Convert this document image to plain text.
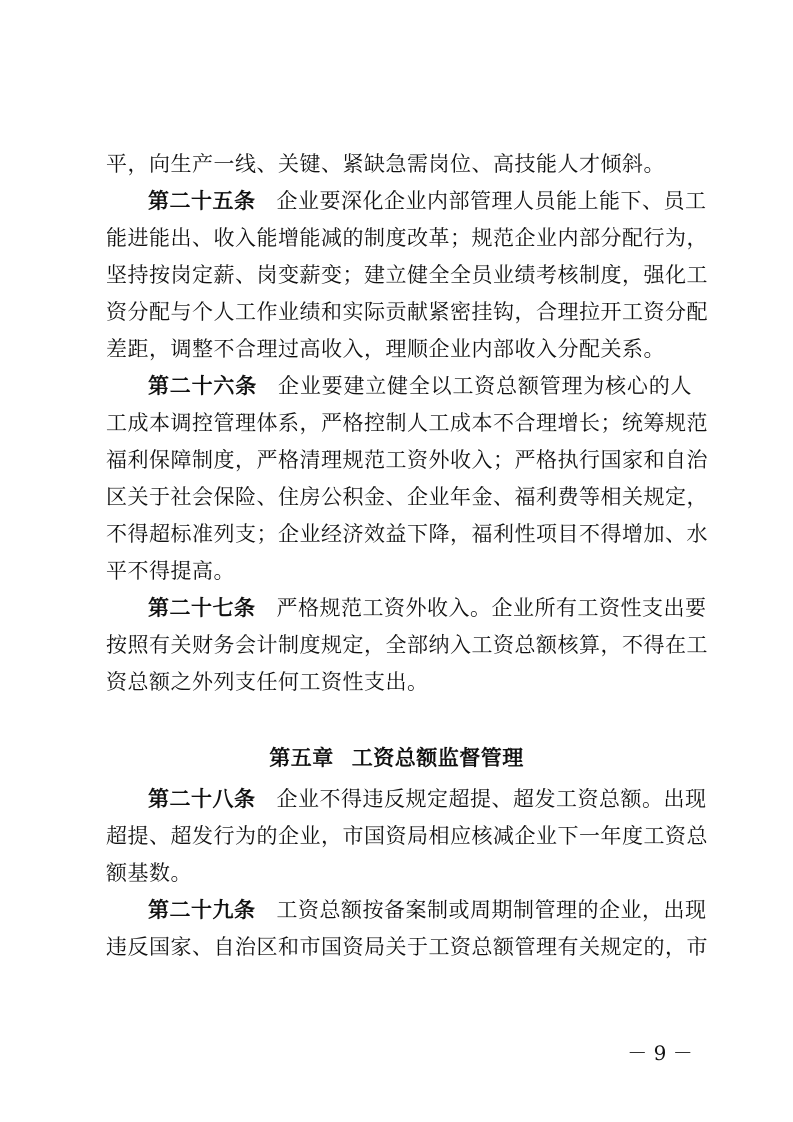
平，向生产一线、关键、紧缺急需岗位、高技能人才倾斜。
第二十五条 企业要深化企业内部管理人员能上能下、员工
能进能出、收入能增能减的制度改革；规范企业内部分配行为，
坚持按岗定薪、岗变薪变；建立健全全员业绩考核制度，强化工
资分配与个人工作业绩和实际贡献紧密挂钩，合理拉开工资分配
差距，调整不合理过高收入，理顺企业内部收入分配关系。
第二十六条 企业要建立健全以工资总额管理为核心的人
工成本调控管理体系，严格控制人工成本不合理增长；统筹规范
福利保障制度，严格清理规范工资外收入；严格执行国家和自治
区关于社会保险、住房公积金、企业年金、福利费等相关规定，
不得超标准列支；企业经济效益下降，福利性项目不得增加、水
平不得提高。
第二十七条 严格规范工资外收入。企业所有工资性支出要
按照有关财务会计制度规定，全部纳入工资总额核算，不得在工
资总额之外列支任何工资性支出。
第五章 工资总额监督管理
第二十八条 企业不得违反规定超提、超发工资总额。出现
超提、超发行为的企业，市国资局相应核减企业下一年度工资总
额基数。
第二十九条 工资总额按备案制或周期制管理的企业，出现
违反国家、自治区和市国资局关于工资总额管理有关规定的，市
－ 9 －
